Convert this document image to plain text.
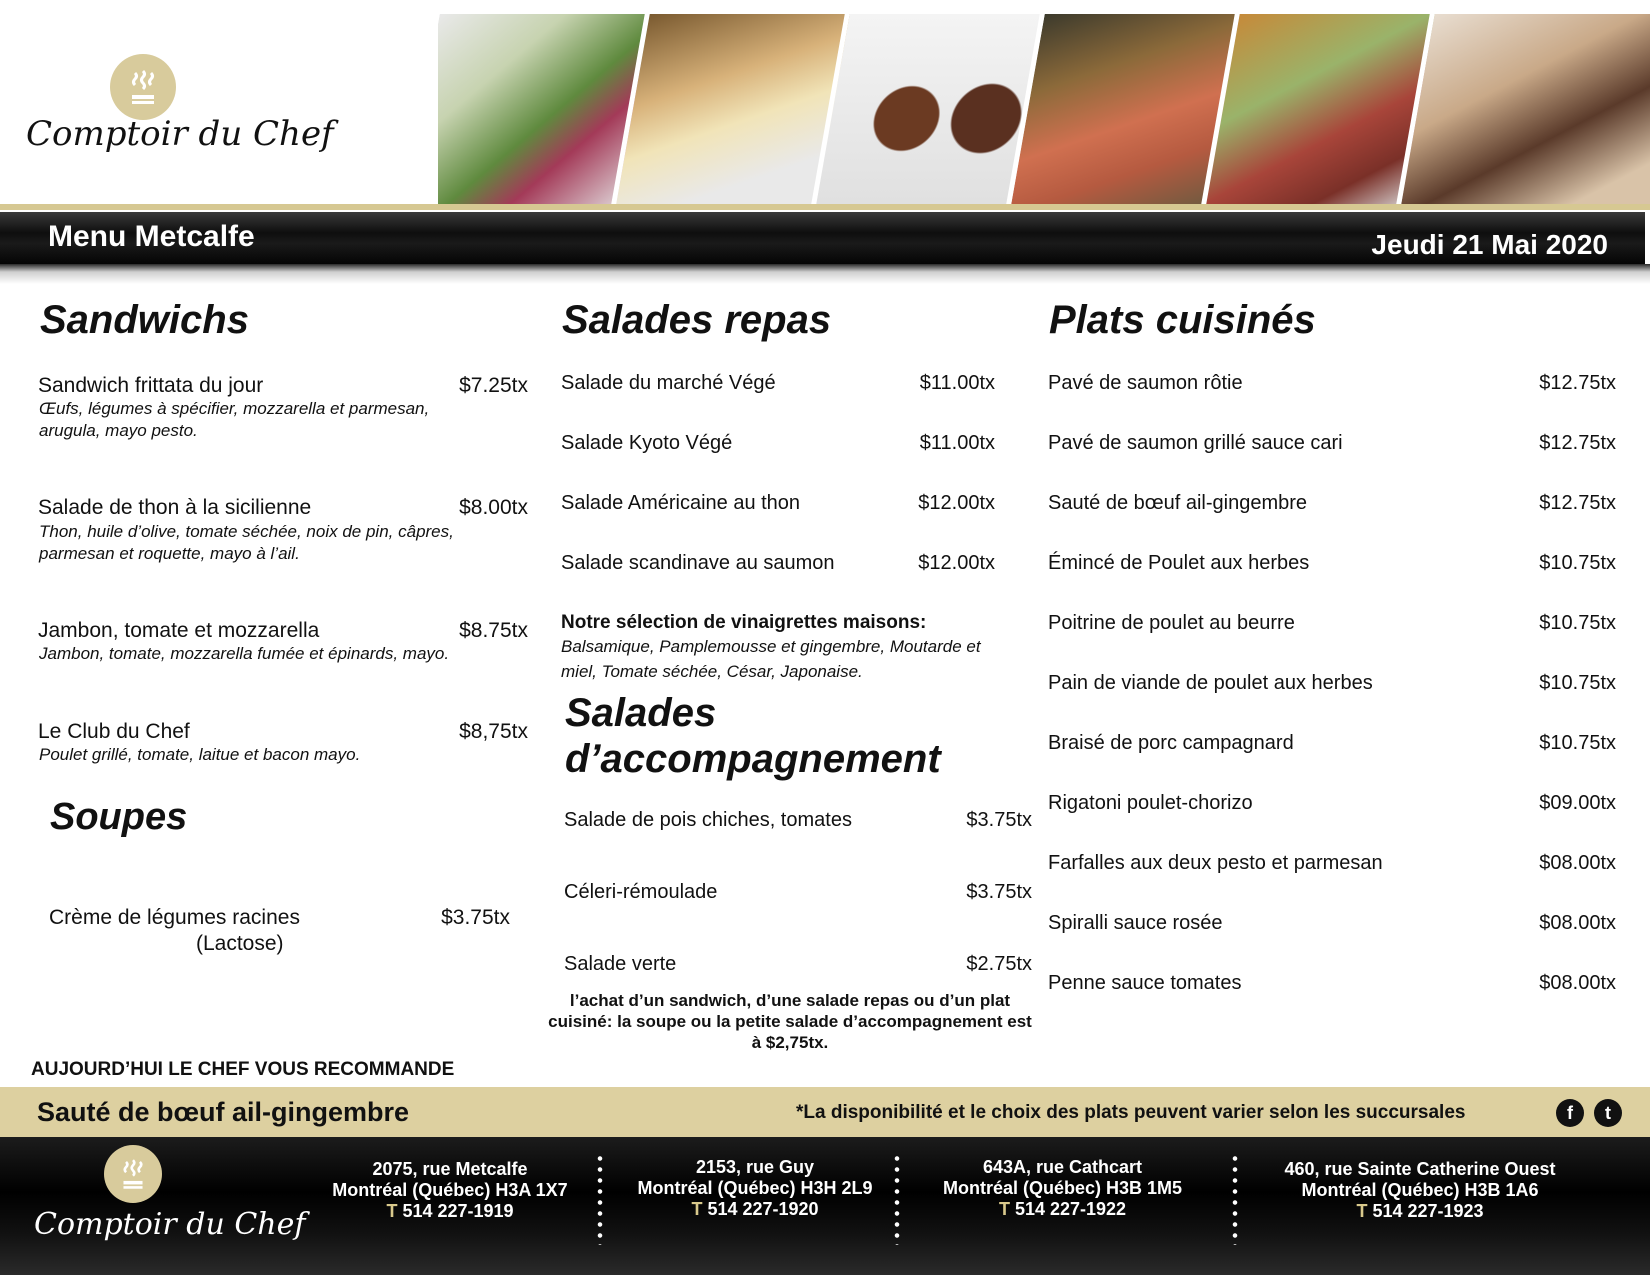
Comptoir du Chef
Menu Metcalfe	Jeudi 21 Mai 2020
Sandwichs
Sandwich frittata du jour	$7.25tx
Œufs, légumes à spécifier, mozzarella et parmesan, arugula, mayo pesto.
Salade de thon à la sicilienne	$8.00tx
Thon, huile d’olive, tomate séchée, noix de pin, câpres, parmesan et roquette, mayo à l’ail.
Jambon, tomate et mozzarella	$8.75tx
Jambon, tomate, mozzarella fumée et épinards, mayo.
Le Club du Chef	$8,75tx
Poulet grillé, tomate, laitue et bacon mayo.
Soupes
Crème de légumes racines	$3.75tx
(Lactose)
Salades repas
Salade du marché Végé	$11.00tx
Salade Kyoto Végé	$11.00tx
Salade Américaine au thon	$12.00tx
Salade scandinave au saumon	$12.00tx
Notre sélection de vinaigrettes maisons:
Balsamique, Pamplemousse et gingembre, Moutarde et miel, Tomate séchée, César, Japonaise.
Salades
d’accompagnement
Salade de pois chiches, tomates	$3.75tx
Céleri-rémoulade	$3.75tx
Salade verte	$2.75tx
l’achat d’un sandwich, d’une salade repas ou d’un plat cuisiné: la soupe ou la petite salade d’accompagnement est à $2,75tx.
Plats cuisinés
Pavé de saumon rôtie	$12.75tx
Pavé de saumon grillé sauce cari	$12.75tx
Sauté de bœuf ail-gingembre	$12.75tx
Émincé de Poulet aux herbes	$10.75tx
Poitrine de poulet au beurre	$10.75tx
Pain de viande de poulet aux herbes	$10.75tx
Braisé de porc campagnard	$10.75tx
Rigatoni poulet-chorizo	$09.00tx
Farfalles aux deux pesto et parmesan	$08.00tx
Spiralli sauce rosée	$08.00tx
Penne sauce tomates	$08.00tx
AUJOURD’HUI LE CHEF VOUS RECOMMANDE
Sauté de bœuf ail-gingembre	*La disponibilité et le choix des plats peuvent varier selon les succursales	f	t
Comptoir du Chef
2075, rue Metcalfe
Montréal (Québec) H3A 1X7
T 514 227-1919
2153, rue Guy
Montréal (Québec) H3H 2L9
T 514 227-1920
643A, rue Cathcart
Montréal (Québec) H3B 1M5
T 514 227-1922
460, rue Sainte Catherine Ouest
Montréal (Québec) H3B 1A6
T 514 227-1923
